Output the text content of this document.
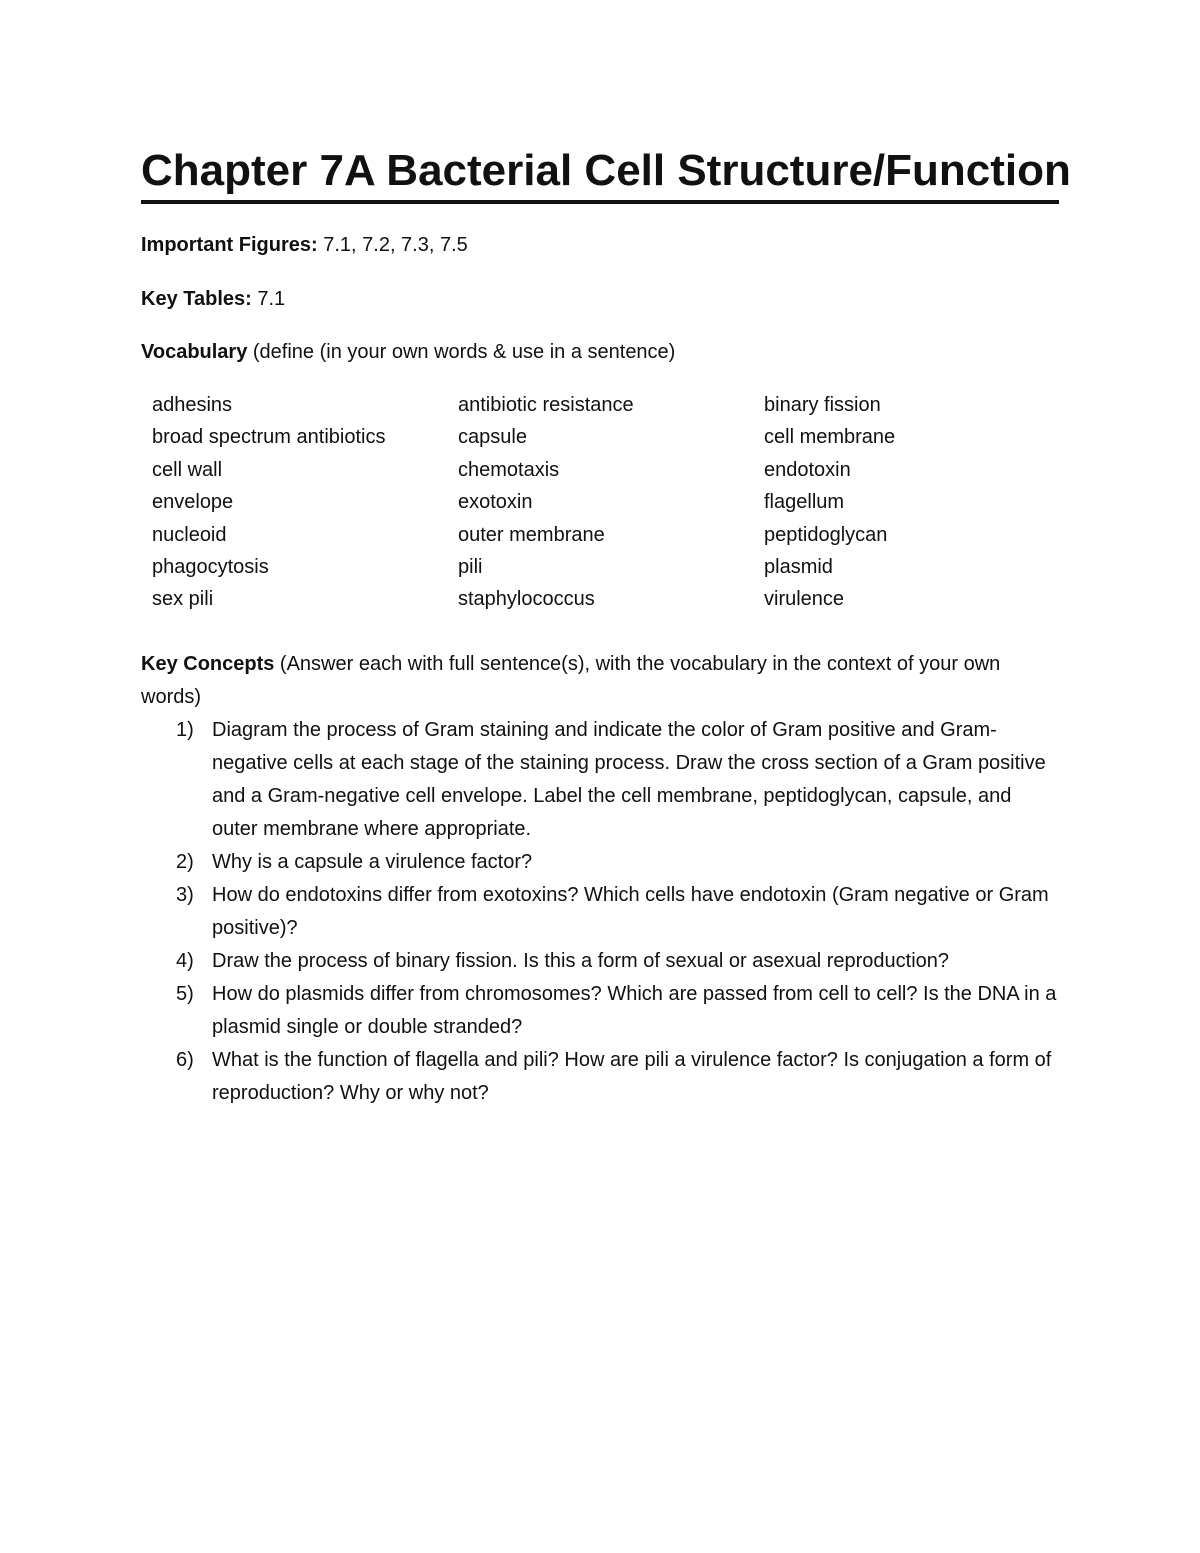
Chapter 7A Bacterial Cell Structure/Function
Important Figures: 7.1, 7.2, 7.3, 7.5
Key Tables: 7.1
Vocabulary (define (in your own words & use in a sentence)
adhesins	antibiotic resistance	binary fission
broad spectrum antibiotics	capsule	cell membrane
cell wall	chemotaxis	endotoxin
envelope	exotoxin	flagellum
nucleoid	outer membrane	peptidoglycan
phagocytosis	pili	plasmid
sex pili	staphylococcus	virulence
Key Concepts (Answer each with full sentence(s), with the vocabulary in the context of your own words)
1) Diagram the process of Gram staining and indicate the color of Gram positive and Gram-negative cells at each stage of the staining process. Draw the cross section of a Gram positive and a Gram-negative cell envelope. Label the cell membrane, peptidoglycan, capsule, and outer membrane where appropriate.
2) Why is a capsule a virulence factor?
3) How do endotoxins differ from exotoxins? Which cells have endotoxin (Gram negative or Gram positive)?
4) Draw the process of binary fission. Is this a form of sexual or asexual reproduction?
5) How do plasmids differ from chromosomes? Which are passed from cell to cell? Is the DNA in a plasmid single or double stranded?
6) What is the function of flagella and pili? How are pili a virulence factor? Is conjugation a form of reproduction? Why or why not?
